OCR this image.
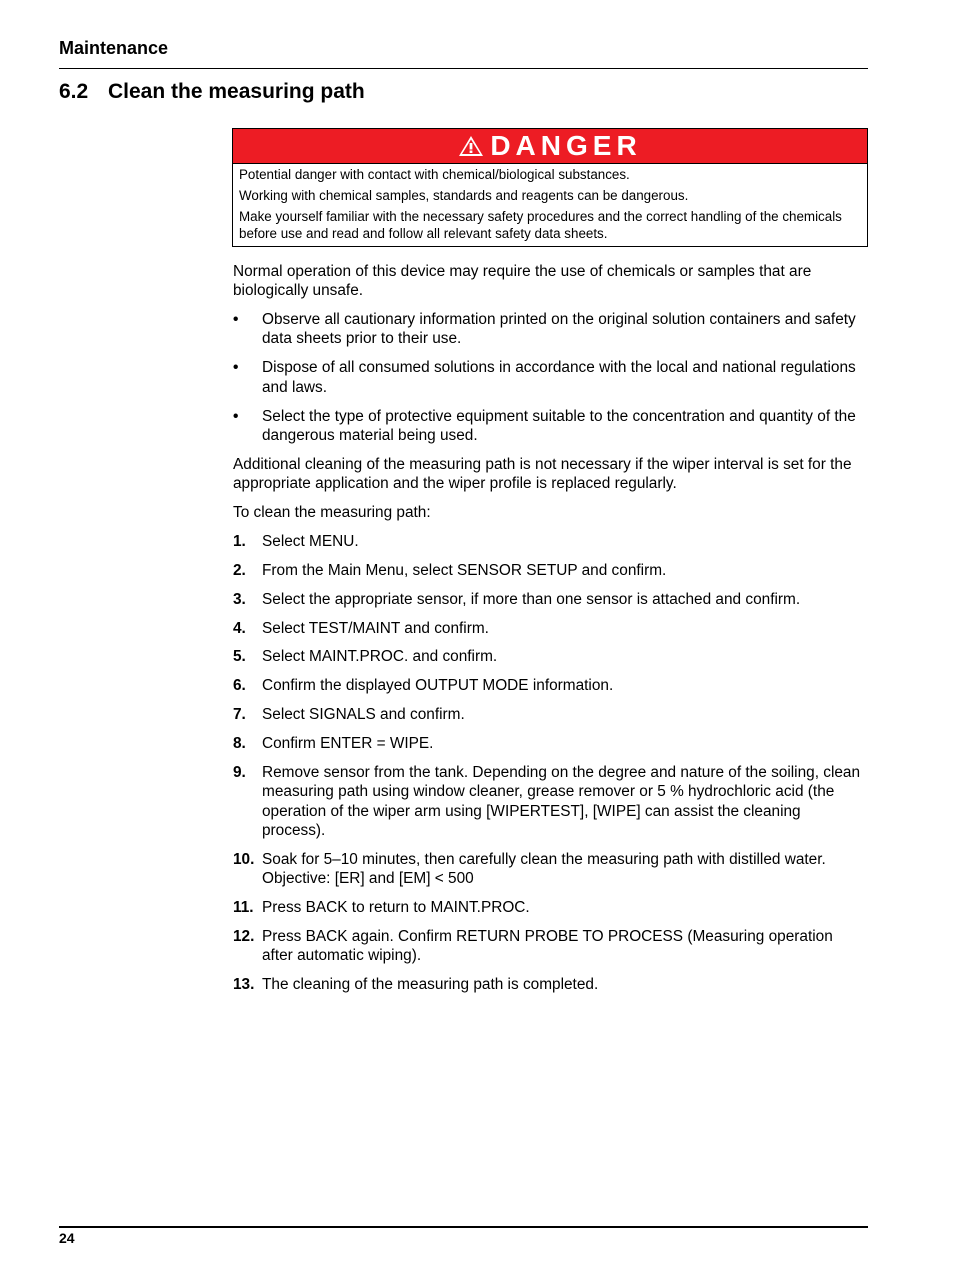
Maintenance
6.2 Clean the measuring path
DANGER

Potential danger with contact with chemical/biological substances.

Working with chemical samples, standards and reagents can be dangerous.

Make yourself familiar with the necessary safety procedures and the correct handling of the chemicals before use and read and follow all relevant safety data sheets.

Normal operation of this device may require the use of chemicals or samples that are biologically unsafe.

• Observe all cautionary information printed on the original solution containers and safety data sheets prior to their use.
• Dispose of all consumed solutions in accordance with the local and national regulations and laws.
• Select the type of protective equipment suitable to the concentration and quantity of the dangerous material being used.

Additional cleaning of the measuring path is not necessary if the wiper interval is set for the appropriate application and the wiper profile is replaced regularly.

To clean the measuring path:

1. Select MENU.
2. From the Main Menu, select SENSOR SETUP and confirm.
3. Select the appropriate sensor, if more than one sensor is attached and confirm.
4. Select TEST/MAINT and confirm.
5. Select MAINT.PROC. and confirm.
6. Confirm the displayed OUTPUT MODE information.
7. Select SIGNALS and confirm.
8. Confirm ENTER = WIPE.
9. Remove sensor from the tank. Depending on the degree and nature of the soiling, clean measuring path using window cleaner, grease remover or 5 % hydrochloric acid (the operation of the wiper arm using [WIPERTEST], [WIPE] can assist the cleaning process).
10. Soak for 5–10 minutes, then carefully clean the measuring path with distilled water. Objective: [ER] and [EM] < 500
11. Press BACK to return to MAINT.PROC.
12. Press BACK again. Confirm RETURN PROBE TO PROCESS (Measuring operation after automatic wiping).
13. The cleaning of the measuring path is completed.
24
